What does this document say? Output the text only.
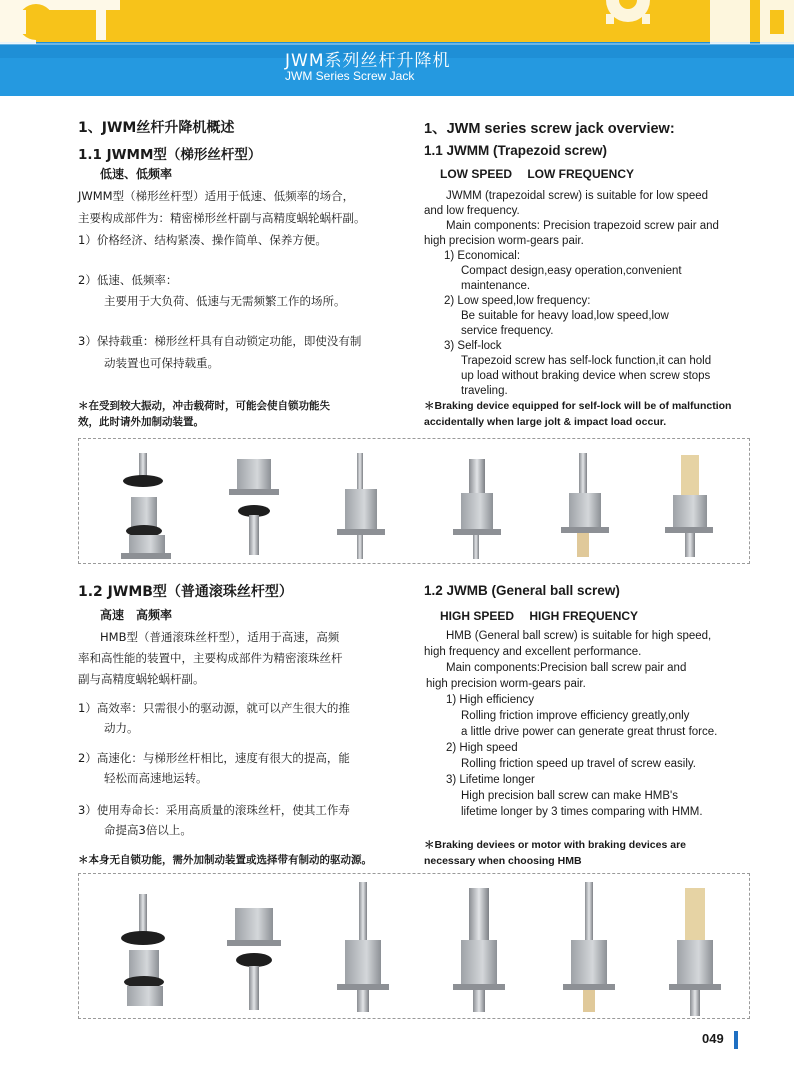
JWM系列丝杆升降机
JWM Series Screw Jack
1、JWM丝杆升降机概述
1.1 JWMM型（梯形丝杆型）
低速、低频率
JWMM型（梯形丝杆型）适用于低速、低频率的场合，
主要构成部件为：精密梯形丝杆副与高精度蜗轮蜗杆副。
1）价格经济、结构紧凑、操作简单、保养方便。
2）低速、低频率：
主要用于大负荷、低速与无需频繁工作的场所。
3）保持载重：梯形丝杆具有自动锁定功能，即使没有制
动装置也可保持载重。
＊在受到较大振动，冲击载荷时，可能会使自锁功能失
效，此时请外加制动装置。
1、JWM series screw jack overview:
1.1 JWMM (Trapezoid screw)
LOW SPEED　 LOW FREQUENCY
JWMM (trapezoidal screw) is suitable for low speed
and low frequency.
Main components: Precision trapezoid screw pair and
high precision worm-gears pair.
1) Economical:
Compact design,easy operation,convenient
maintenance.
2) Low speed,low frequency:
Be suitable for heavy load,low speed,low
service frequency.
3) Self-lock
Trapezoid screw has self-lock function,it can hold
up load without braking device when screw stops
traveling.
＊Braking device equipped for self-lock will be of malfunction
accidentally when large jolt & impact load occur.
1.2 JWMB型（普通滚珠丝杆型）
高速　高频率
HMB型（普通滚珠丝杆型），适用于高速，高频
率和高性能的装置中，主要构成部件为精密滚珠丝杆
副与高精度蜗轮蜗杆副。
1）高效率：只需很小的驱动源，就可以产生很大的推
动力。
2）高速化：与梯形丝杆相比，速度有很大的提高，能
轻松而高速地运转。
3）使用寿命长：采用高质量的滚珠丝杆，使其工作寿
命提高3倍以上。
＊本身无自锁功能，需外加制动装置或选择带有制动的驱动源。
1.2 JWMB (General ball screw)
HIGH SPEED　 HIGH FREQUENCY
HMB (General ball screw) is suitable for high speed,
high frequency and excellent performance.
Main components:Precision ball screw pair and
high precision worm-gears pair.
1) High efficiency
Rolling friction improve efficiency greatly,only
a little drive power can generate great thrust force.
2) High speed
Rolling friction speed up travel of screw easily.
3) Lifetime longer
High precision ball screw can make HMB's
lifetime longer by 3 times comparing with HMM.
＊Braking deviees or motor with braking devices are
necessary when choosing HMB
049
